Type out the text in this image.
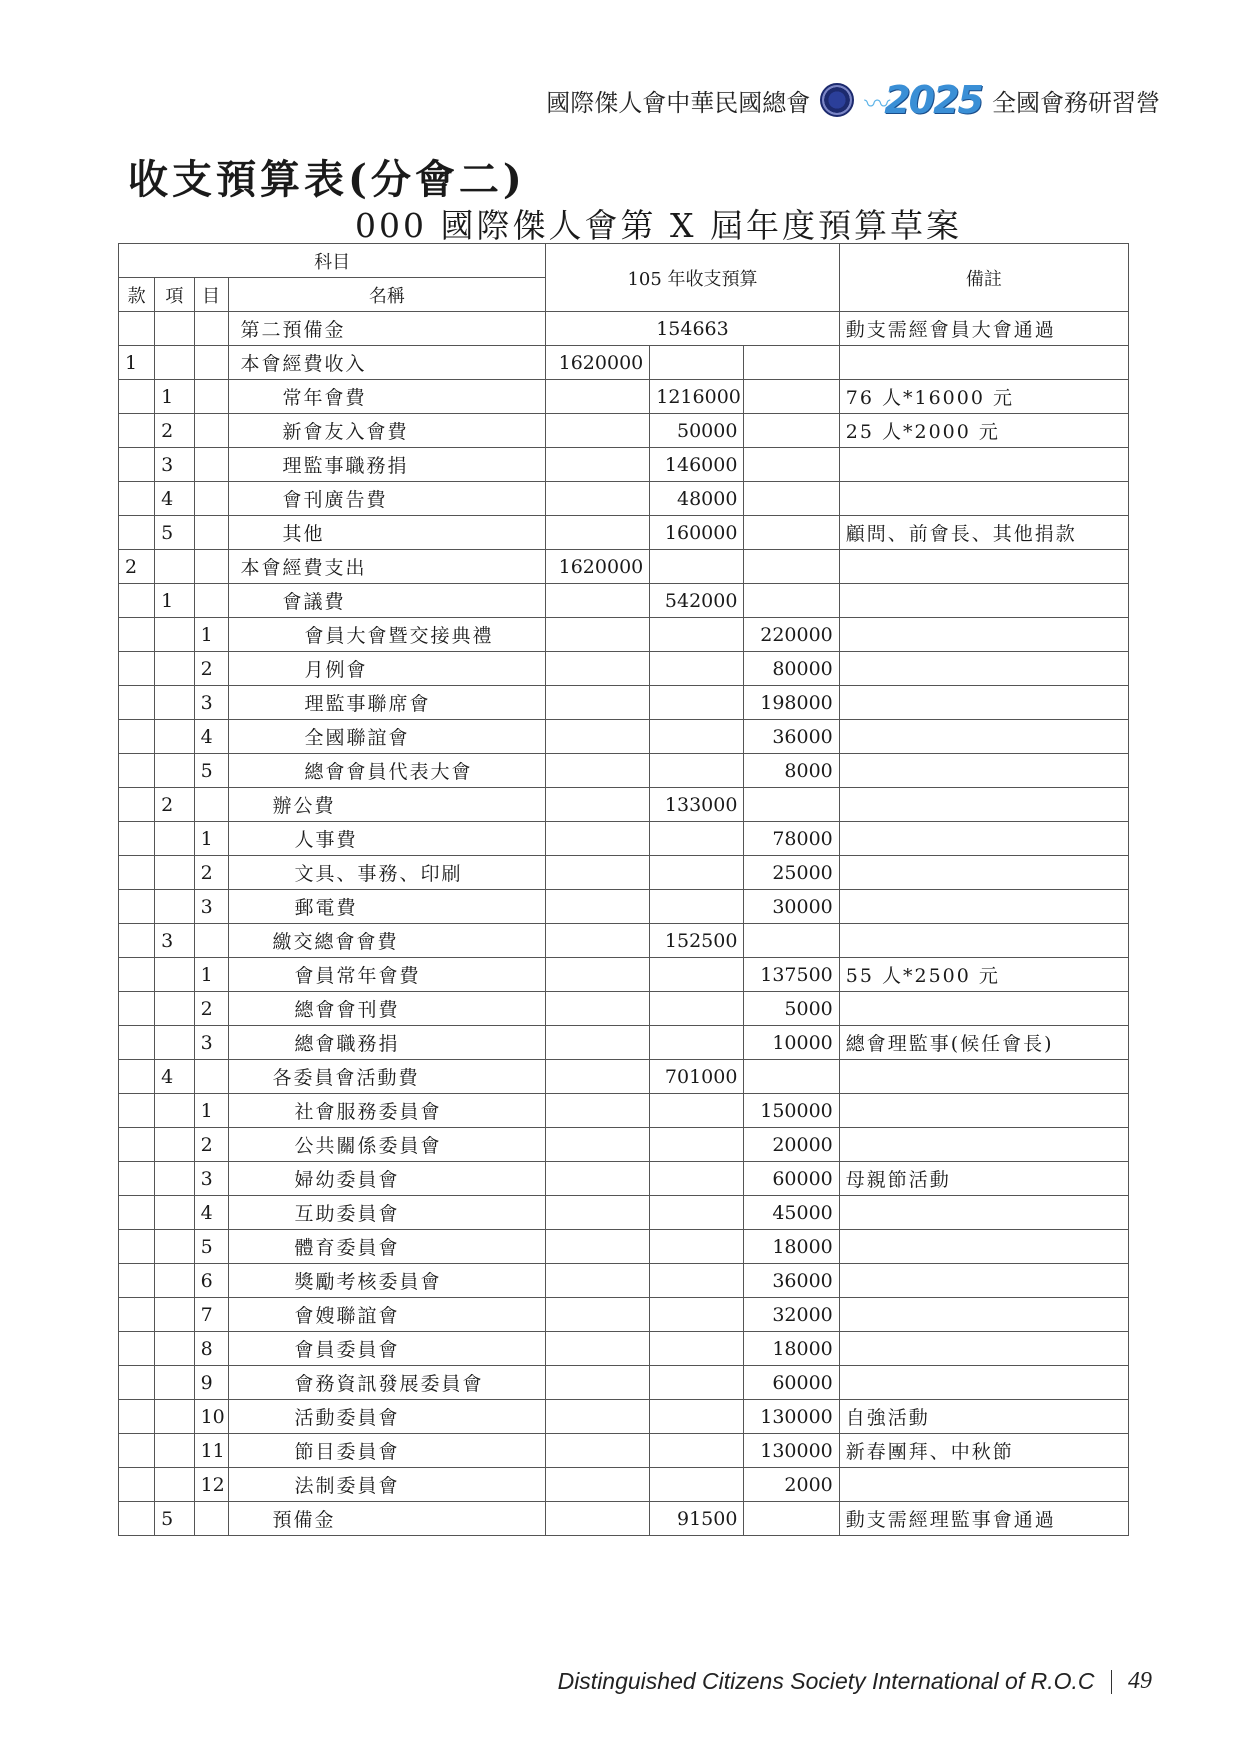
國際傑人會中華民國總會 〰2025 全國會務研習營
收支預算表(分會二)
000 國際傑人會第 X 屆年度預算草案
科目				105 年收支預算			備註
款	項	目	名稱				
			第二預備金	154663			動支需經會員大會通過
1			本會經費收入	1620000			
	1		常年會費		1216000		76 人*16000 元
	2		新會友入會費		50000		25 人*2000 元
	3		理監事職務捐		146000		
	4		會刊廣告費		48000		
	5		其他		160000		顧問、前會長、其他捐款
2			本會經費支出	1620000			
	1		會議費		542000		
		1	會員大會暨交接典禮			220000	
		2	月例會			80000	
		3	理監事聯席會			198000	
		4	全國聯誼會			36000	
		5	總會會員代表大會			8000	
	2		辦公費		133000		
		1	人事費			78000	
		2	文具、事務、印刷			25000	
		3	郵電費			30000	
	3		繳交總會會費		152500		
		1	會員常年會費			137500	55 人*2500 元
		2	總會會刊費			5000	
		3	總會職務捐			10000	總會理監事(候任會長)
	4		各委員會活動費		701000		
		1	社會服務委員會			150000	
		2	公共關係委員會			20000	
		3	婦幼委員會			60000	母親節活動
		4	互助委員會			45000	
		5	體育委員會			18000	
		6	獎勵考核委員會			36000	
		7	會嫂聯誼會			32000	
		8	會員委員會			18000	
		9	會務資訊發展委員會			60000	
		10	活動委員會			130000	自強活動
		11	節目委員會			130000	新春團拜、中秋節
		12	法制委員會			2000	
	5		預備金		91500		動支需經理監事會通過
Distinguished Citizens Society International of R.O.C 49
